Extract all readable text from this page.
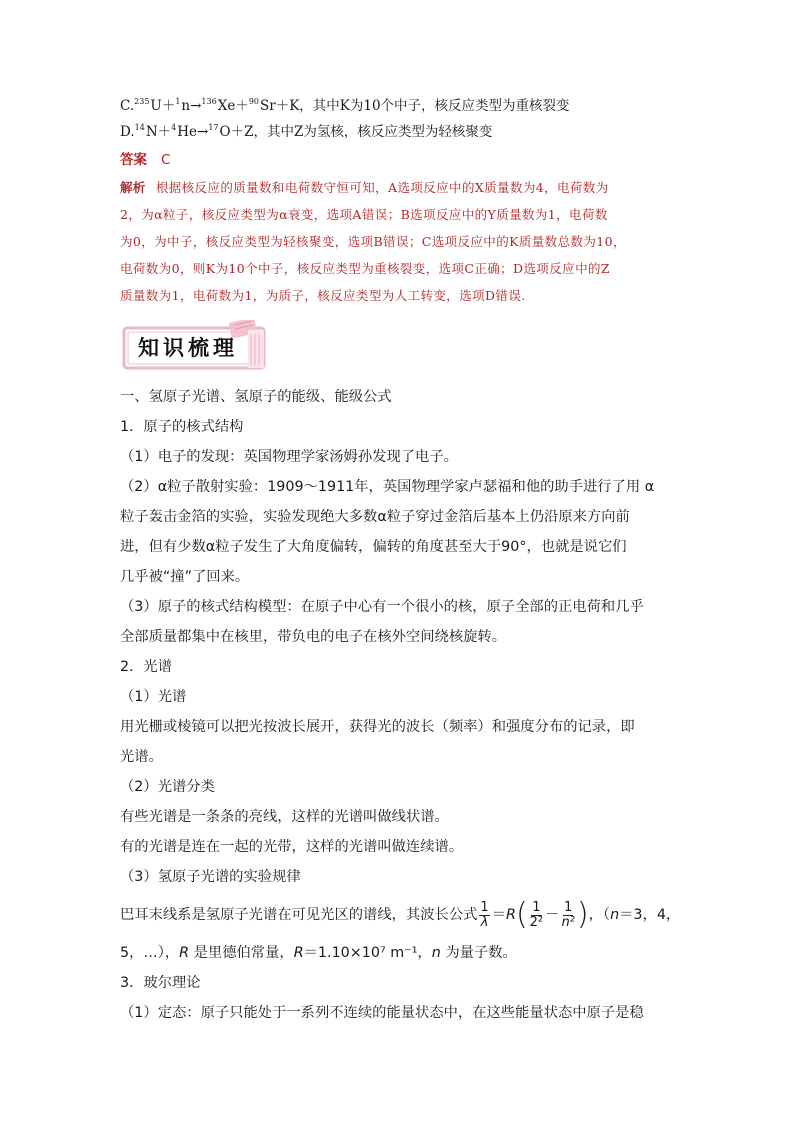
C.$^{235}$U＋$^1$n→$^{136}$Xe＋$^{90}$Sr＋K，其中K为10个中子，核反应类型为重核裂变
D.$^{14}$N＋$^4$He→$^{17}$O＋Z，其中Z为氢核，核反应类型为轻核聚变
答案 C

解析 根据核反应的质量数和电荷数守恒可知，A选项反应中的X质量数为4，电荷数为

2，为α粒子，核反应类型为α衰变，选项A错误；B选项反应中的Y质量数为1，电荷数

为0，为中子，核反应类型为轻核聚变，选项B错误；C选项反应中的K质量数总数为10，

电荷数为0，则K为10个中子，核反应类型为重核裂变，选项C正确；D选项反应中的Z

质量数为1，电荷数为1，为质子，核反应类型为人工转变，选项D错误.

知识梳理

一、氢原子光谱、氢原子的能级、能级公式

1．原子的核式结构

（1）电子的发现：英国物理学家汤姆孙发现了电子。

（2）α粒子散射实验：1909～1911年，英国物理学家卢瑟福和他的助手进行了用 α

粒子轰击金箔的实验，实验发现绝大多数α粒子穿过金箔后基本上仍沿原来方向前

进，但有少数α粒子发生了大角度偏转，偏转的角度甚至大于90°，也就是说它们

几乎被“撞”了回来。

（3）原子的核式结构模型：在原子中心有一个很小的核，原子全部的正电荷和几乎

全部质量都集中在核里，带负电的电子在核外空间绕核旋转。

2．光谱

（1）光谱

用光栅或棱镜可以把光按波长展开，获得光的波长（频率）和强度分布的记录，即

光谱。

（2）光谱分类

有些光谱是一条条的亮线，这样的光谱叫做线状谱。

有的光谱是连在一起的光带，这样的光谱叫做连续谱。

（3）氢原子光谱的实验规律

巴耳末线系是氢原子光谱在可见光区的谱线，其波长公式 $\frac{1}{\lambda} = R$ ( $\frac{1}{\text{2²}} - \frac{1}{\text{n²}}$ ) ，（n＝3，4，

5，…），R 是里德伯常量，R＝1.10×10⁷ m⁻¹，n 为量子数。

3．玻尔理论

（1）定态：原子只能处于一系列不连续的能量状态中，在这些能量状态中原子是稳
